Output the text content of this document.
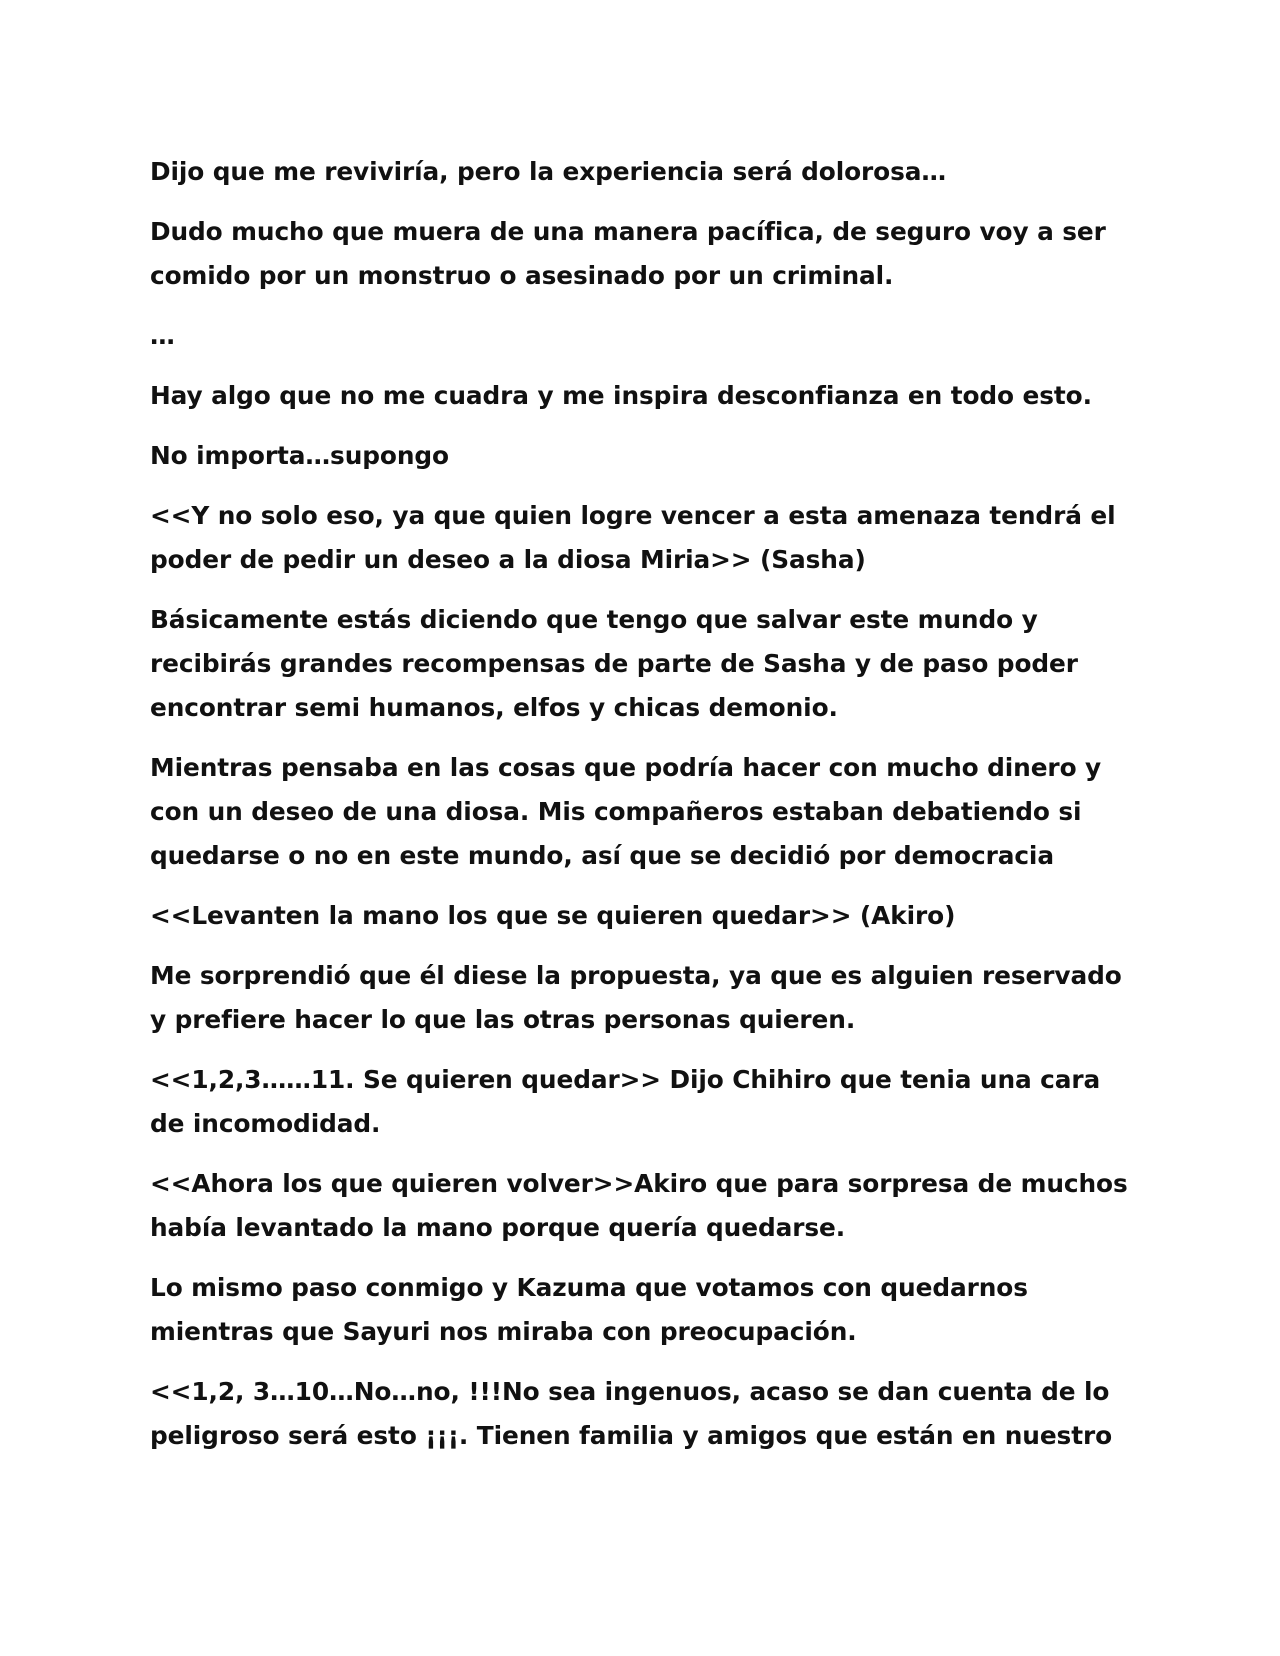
Dijo que me reviviría, pero la experiencia será dolorosa…

Dudo mucho que muera de una manera pacífica, de seguro voy a ser comido por un monstruo o asesinado por un criminal.

…

Hay algo que no me cuadra y me inspira desconfianza en todo esto.

No importa…supongo

<<Y no solo eso, ya que quien logre vencer a esta amenaza tendrá el poder de pedir un deseo a la diosa Miria>> (Sasha)

Básicamente estás diciendo que tengo que salvar este mundo y recibirás grandes recompensas de parte de Sasha y de paso poder encontrar semi humanos, elfos y chicas demonio.

Mientras pensaba en las cosas que podría hacer con mucho dinero y con un deseo de una diosa. Mis compañeros estaban debatiendo si quedarse o no en este mundo, así que se decidió por democracia

<<Levanten la mano los que se quieren quedar>> (Akiro)

Me sorprendió que él diese la propuesta, ya que es alguien reservado y prefiere hacer lo que las otras personas quieren.

<<1,2,3……11. Se quieren quedar>> Dijo Chihiro que tenia una cara de incomodidad.

<<Ahora los que quieren volver>>Akiro que para sorpresa de muchos había levantado la mano porque quería quedarse.

Lo mismo paso conmigo y Kazuma que votamos con quedarnos mientras que Sayuri nos miraba con preocupación.

<<1,2, 3…10…No…no, !!!No sea ingenuos, acaso se dan cuenta de lo peligroso será esto ¡¡¡. Tienen familia y amigos que están en nuestro
